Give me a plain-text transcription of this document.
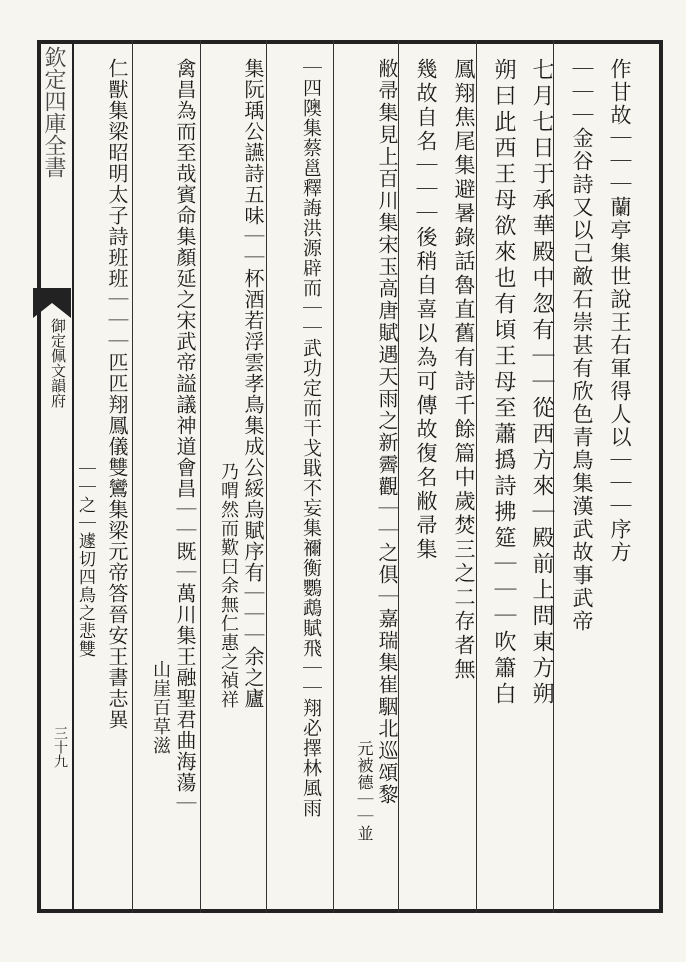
欽定四庫全書
御定佩文韻府
三十九
作甘故｜｜｜蘭亭集世說王右軍得人以｜｜｜序方
｜｜｜金谷詩又以己敵石崇甚有欣色青鳥集漢武故事武帝
七月七日于承華殿中忽有｜｜從西方來｜殿前上問東方朔
朔曰此西王母欲來也有頃王母至蕭撝詩拂筵｜｜｜吹簫白
鳳翔焦尾集避暑錄話魯直舊有詩千餘篇中歲焚三之二存者無
幾故自名｜｜｜後稍自喜以為可傳故復名敝帚集
敝帚集見上百川集宋玉高唐賦遇天雨之新霽觀｜｜之俱｜嘉瑞集崔駰北巡頌黎
元被德｜｜並
｜四隩集蔡邕釋誨洪源辟而｜｜武功定而干戈戢不妄集禰衡鸚鵡賦飛｜｜翔必擇林風雨
集阮瑀公讌詩五味｜｜杯酒若浮雲孝鳥集成公綏烏賦序有｜｜｜余之廬
乃喟然而歎曰余無仁惠之禎祥
禽昌為而至哉賓命集顏延之宋武帝謚議神道會昌｜｜既｜萬川集王融聖君曲海蕩｜
山崖百草滋
仁獸集梁昭明太子詩班班｜｜｜匹匹翔鳳儀雙鸞集梁元帝答晉安王書志異
｜｜之｜遽切四鳥之悲雙
